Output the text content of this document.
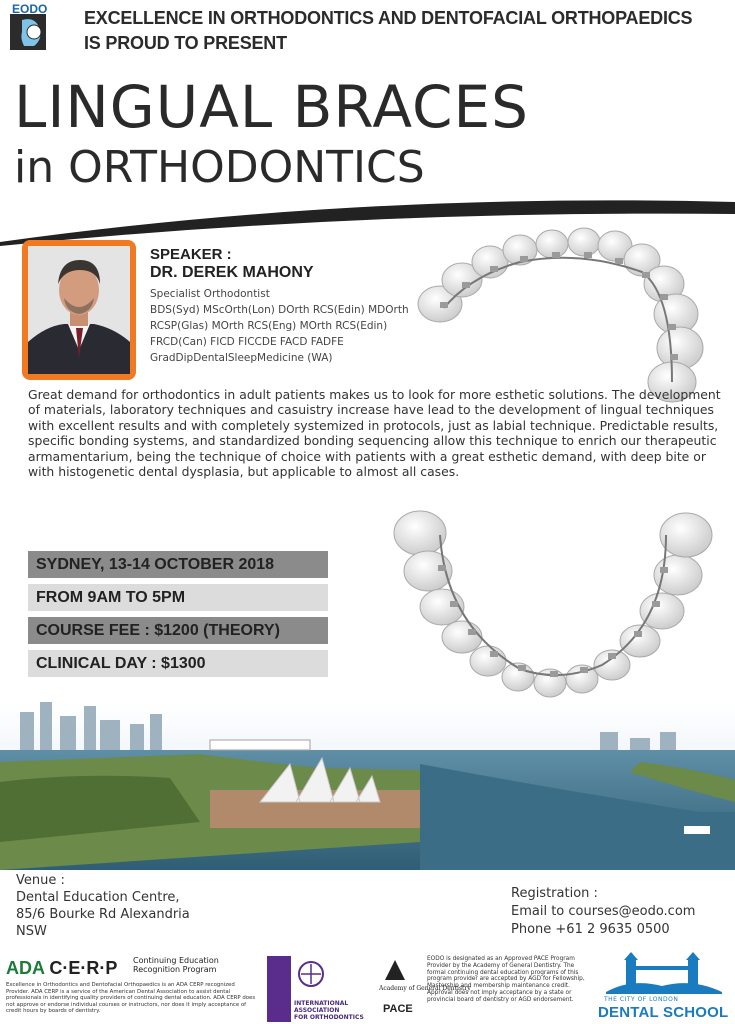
EODO EXCELLENCE IN ORTHODONTICS AND DENTOFACIAL ORTHOPAEDICS
IS PROUD TO PRESENT
LINGUAL BRACES
in ORTHODONTICS
SPEAKER :
DR. DEREK MAHONY
Specialist Orthodontist
BDS(Syd) MScOrth(Lon) DOrth RCS(Edin) MDOrth
RCSP(Glas) MOrth RCS(Eng) MOrth RCS(Edin)
FRCD(Can) FICD FICCDE FACD FADFE
GradDipDentalSleepMedicine (WA)
Great demand for orthodontics in adult patients makes us to look for more esthetic solutions. The development of materials, laboratory techniques and casuistry increase have lead to the development of lingual techniques with excellent results and with completely systemized in protocols, just as labial technique. Predictable results, specific bonding systems, and standardized bonding sequencing allow this technique to enrich our therapeutic armamentarium, being the technique of choice with patients with a great esthetic demand, with deep bite or with histogenetic dental dysplasia, but applicable to almost all cases.
SYDNEY, 13-14 OCTOBER 2018
FROM 9AM TO 5PM
COURSE FEE : $1200 (THEORY)
CLINICAL DAY : $1300
Venue :
Dental Education Centre,
85/6 Bourke Rd Alexandria
NSW
Registration :
Email to courses@eodo.com
Phone +61 2 9635 0500
ADA C·E·R·P Continuing Education Recognition Program
Excellence in Orthodontics and Dentofacial Orthopaedics is an ADA CERP recognized Provider. ADA CERP is a service of the American Dental Association to assist dental professionals in identifying quality providers of continuing dental education. ADA CERP does not approve or endorse individual courses or instructors, nor does it imply acceptance of credit hours by boards of dentistry.
INTERNATIONAL
ASSOCIATION
FOR ORTHODONTICS
Academy of General Dentistry
PACE
EODO is designated as an Approved PACE Program Provider by the Academy of General Dentistry. The formal continuing dental education programs of this program provider are accepted by AGD for Fellowship, Mastership and membership maintenance credit. Approval does not imply acceptance by a state or provincial board of dentistry or AGD endorsement.	THE CITY OF LONDON
DENTAL SCHOOL
